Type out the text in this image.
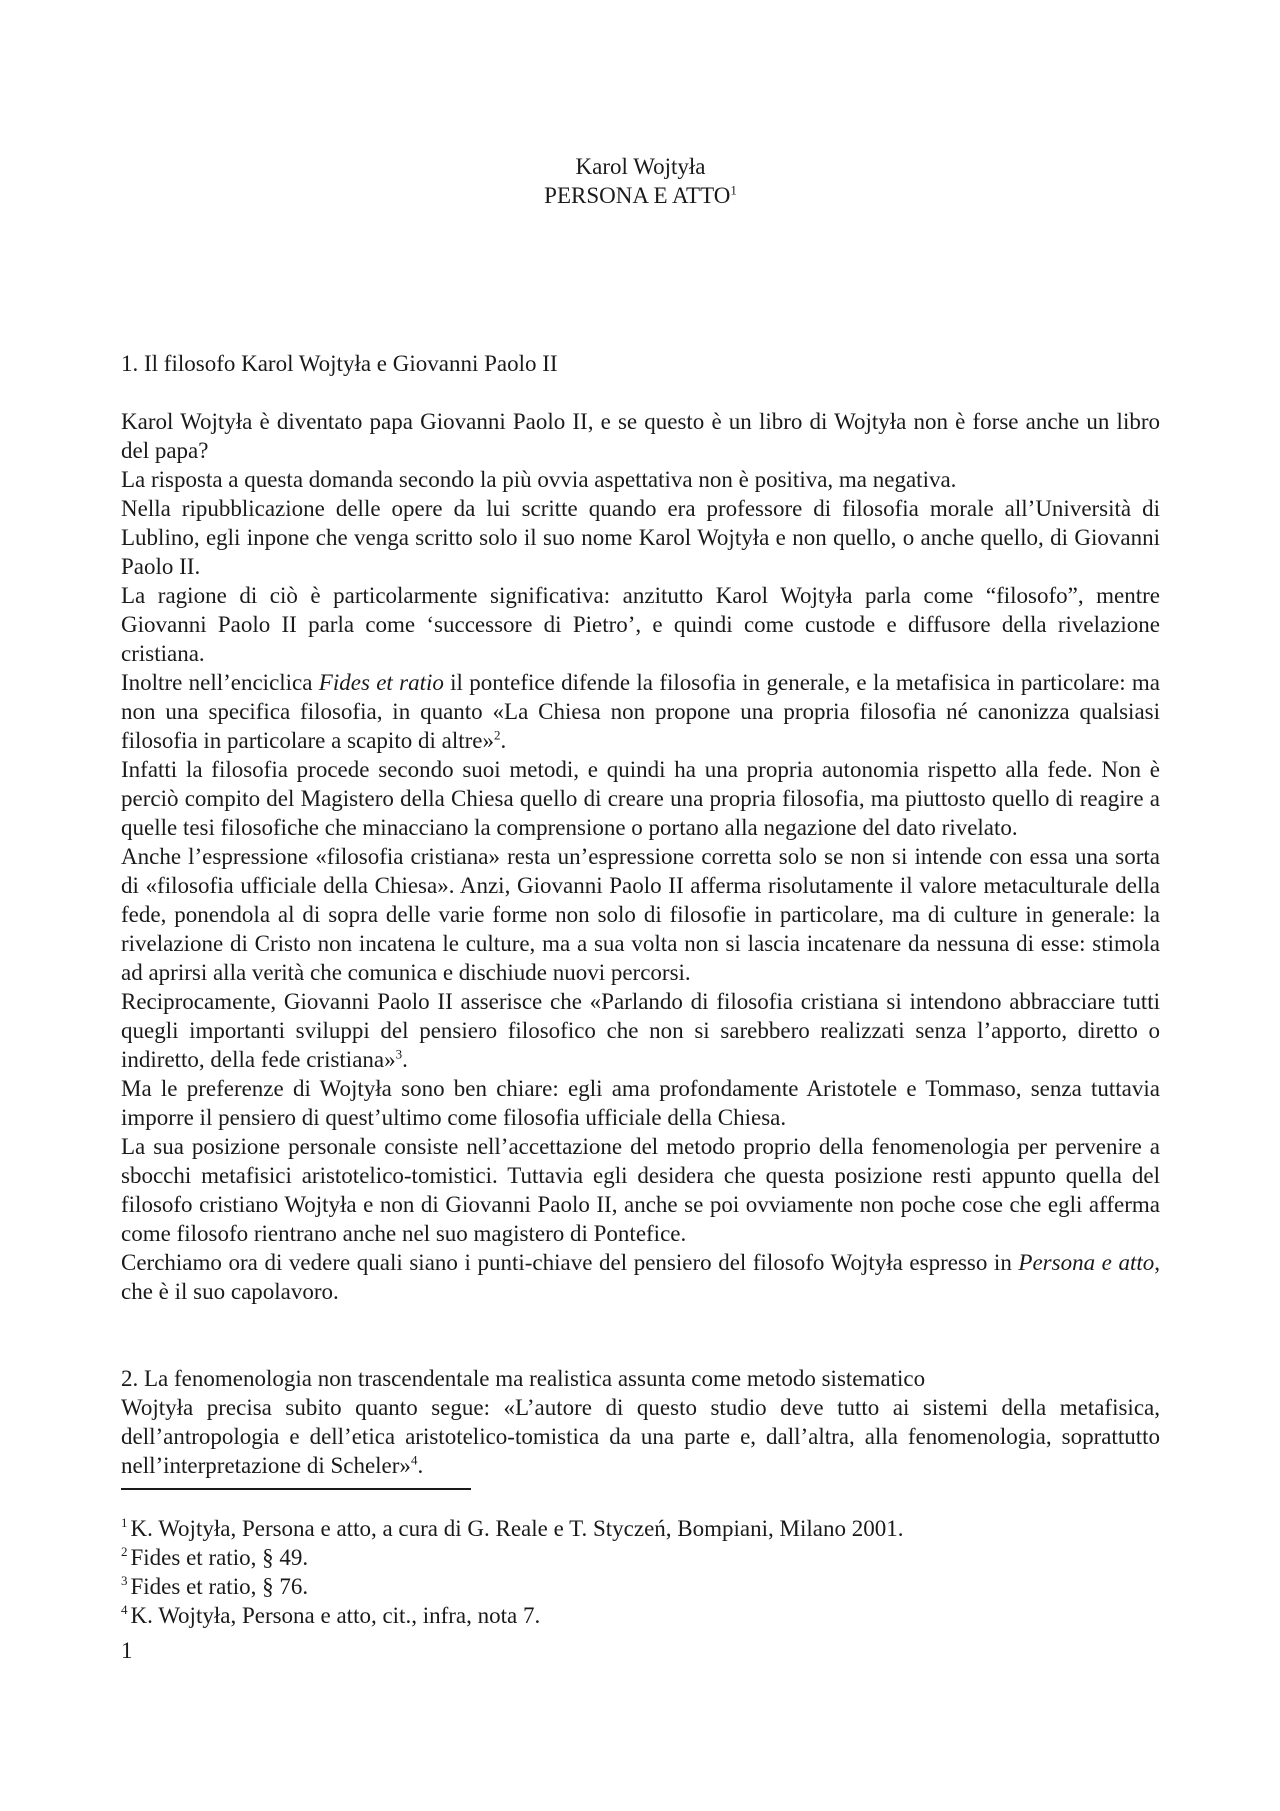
Karol Wojtyła
PERSONA E ATTO$^1$
1. Il filosofo Karol Wojtyła e Giovanni Paolo II

Karol Wojtyła è diventato papa Giovanni Paolo II, e se questo è un libro di Wojtyła non è forse anche un libro del papa?

La risposta a questa domanda secondo la più ovvia aspettativa non è positiva, ma negativa.

Nella ripubblicazione delle opere da lui scritte quando era professore di filosofia morale all’Università di Lublino, egli inpone che venga scritto solo il suo nome Karol Wojtyła e non quello, o anche quello, di Giovanni Paolo II.

La ragione di ciò è particolarmente significativa: anzitutto Karol Wojtyła parla come “filosofo”, mentre Giovanni Paolo II parla come ‘successore di Pietro’, e quindi come custode e diffusore della rivelazione cristiana.

Inoltre nell’enciclica Fides et ratio il pontefice difende la filosofia in generale, e la metafisica in particolare: ma non una specifica filosofia, in quanto «La Chiesa non propone una propria filosofia né canonizza qualsiasi filosofia in particolare a scapito di altre»$^2$.

Infatti la filosofia procede secondo suoi metodi, e quindi ha una propria autonomia rispetto alla fede. Non è perciò compito del Magistero della Chiesa quello di creare una propria filosofia, ma piuttosto quello di reagire a quelle tesi filosofiche che minacciano la comprensione o portano alla negazione del dato rivelato.

Anche l’espressione «filosofia cristiana» resta un’espressione corretta solo se non si intende con essa una sorta di «filosofia ufficiale della Chiesa». Anzi, Giovanni Paolo II afferma risolutamente il valore metaculturale della fede, ponendola al di sopra delle varie forme non solo di filosofie in particolare, ma di culture in generale: la rivelazione di Cristo non incatena le culture, ma a sua volta non si lascia incatenare da nessuna di esse: stimola ad aprirsi alla verità che comunica e dischiude nuovi percorsi.

Reciprocamente, Giovanni Paolo II asserisce che «Parlando di filosofia cristiana si intendono abbracciare tutti quegli importanti sviluppi del pensiero filosofico che non si sarebbero realizzati senza l’apporto, diretto o indiretto, della fede cristiana»$^3$.

Ma le preferenze di Wojtyła sono ben chiare: egli ama profondamente Aristotele e Tommaso, senza tuttavia imporre il pensiero di quest’ultimo come filosofia ufficiale della Chiesa.

La sua posizione personale consiste nell’accettazione del metodo proprio della fenomenologia per pervenire a sbocchi metafisici aristotelico-tomistici. Tuttavia egli desidera che questa posizione resti appunto quella del filosofo cristiano Wojtyła e non di Giovanni Paolo II, anche se poi ovviamente non poche cose che egli afferma come filosofo rientrano anche nel suo magistero di Pontefice.

Cerchiamo ora di vedere quali siano i punti-chiave del pensiero del filosofo Wojtyła espresso in Persona e atto, che è il suo capolavoro.

2. La fenomenologia non trascendentale ma realistica assunta come metodo sistematico

Wojtyła precisa subito quanto segue: «L’autore di questo studio deve tutto ai sistemi della metafisica, dell’antropologia e dell’etica aristotelico-tomistica da una parte e, dall’altra, alla fenomenologia, soprattutto nell’interpretazione di Scheler»$^4$.

$^1$ K. Wojtyła, Persona e atto, a cura di G. Reale e T. Styczeń, Bompiani, Milano 2001.
$^2$ Fides et ratio, § 49.
$^3$ Fides et ratio, § 76.
$^4$ K. Wojtyła, Persona e atto, cit., infra, nota 7.
1
